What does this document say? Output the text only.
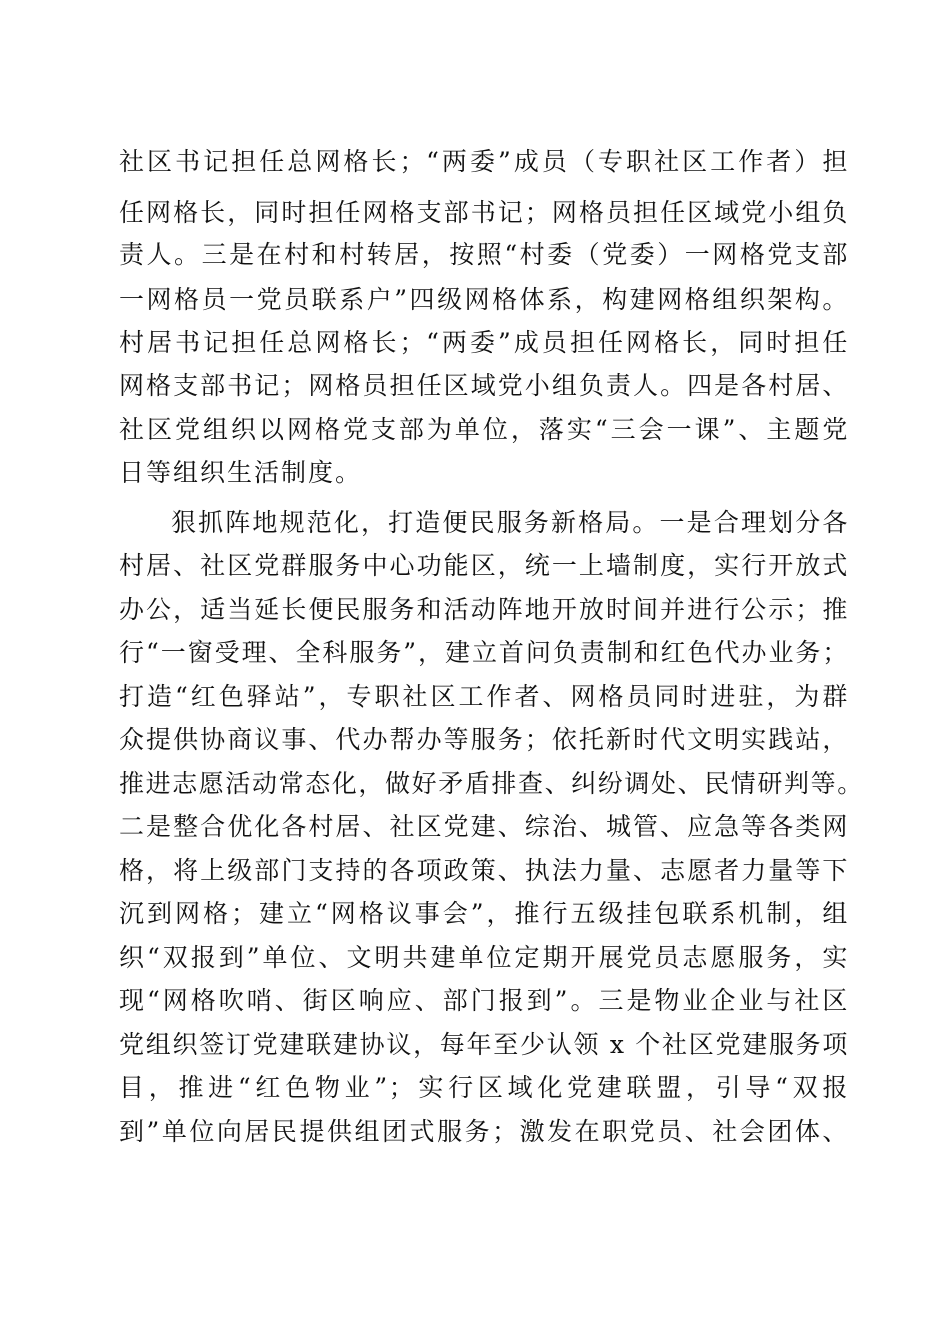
社区书记担任总网格长；“两委”成员（专职社区工作者）担
任网格长，同时担任网格支部书记；网格员担任区域党小组负
责人。三是在村和村转居，按照“村委（党委）一网格党支部
一网格员一党员联系户”四级网格体系，构建网格组织架构。
村居书记担任总网格长；“两委”成员担任网格长，同时担任
网格支部书记；网格员担任区域党小组负责人。四是各村居、
社区党组织以网格党支部为单位，落实“三会一课”、主题党
日等组织生活制度。
狠抓阵地规范化，打造便民服务新格局。一是合理划分各
村居、社区党群服务中心功能区，统一上墙制度，实行开放式
办公，适当延长便民服务和活动阵地开放时间并进行公示；推
行“一窗受理、全科服务”，建立首问负责制和红色代办业务；
打造“红色驿站”，专职社区工作者、网格员同时进驻，为群
众提供协商议事、代办帮办等服务；依托新时代文明实践站，
推进志愿活动常态化，做好矛盾排查、纠纷调处、民情研判等。
二是整合优化各村居、社区党建、综治、城管、应急等各类网
格，将上级部门支持的各项政策、执法力量、志愿者力量等下
沉到网格；建立“网格议事会”，推行五级挂包联系机制，组
织“双报到”单位、文明共建单位定期开展党员志愿服务，实
现“网格吹哨、街区响应、部门报到”。三是物业企业与社区
党组织签订党建联建协议，每年至少认领 x 个社区党建服务项
目，推进“红色物业”；实行区域化党建联盟，引导“双报
到”单位向居民提供组团式服务；激发在职党员、社会团体、
